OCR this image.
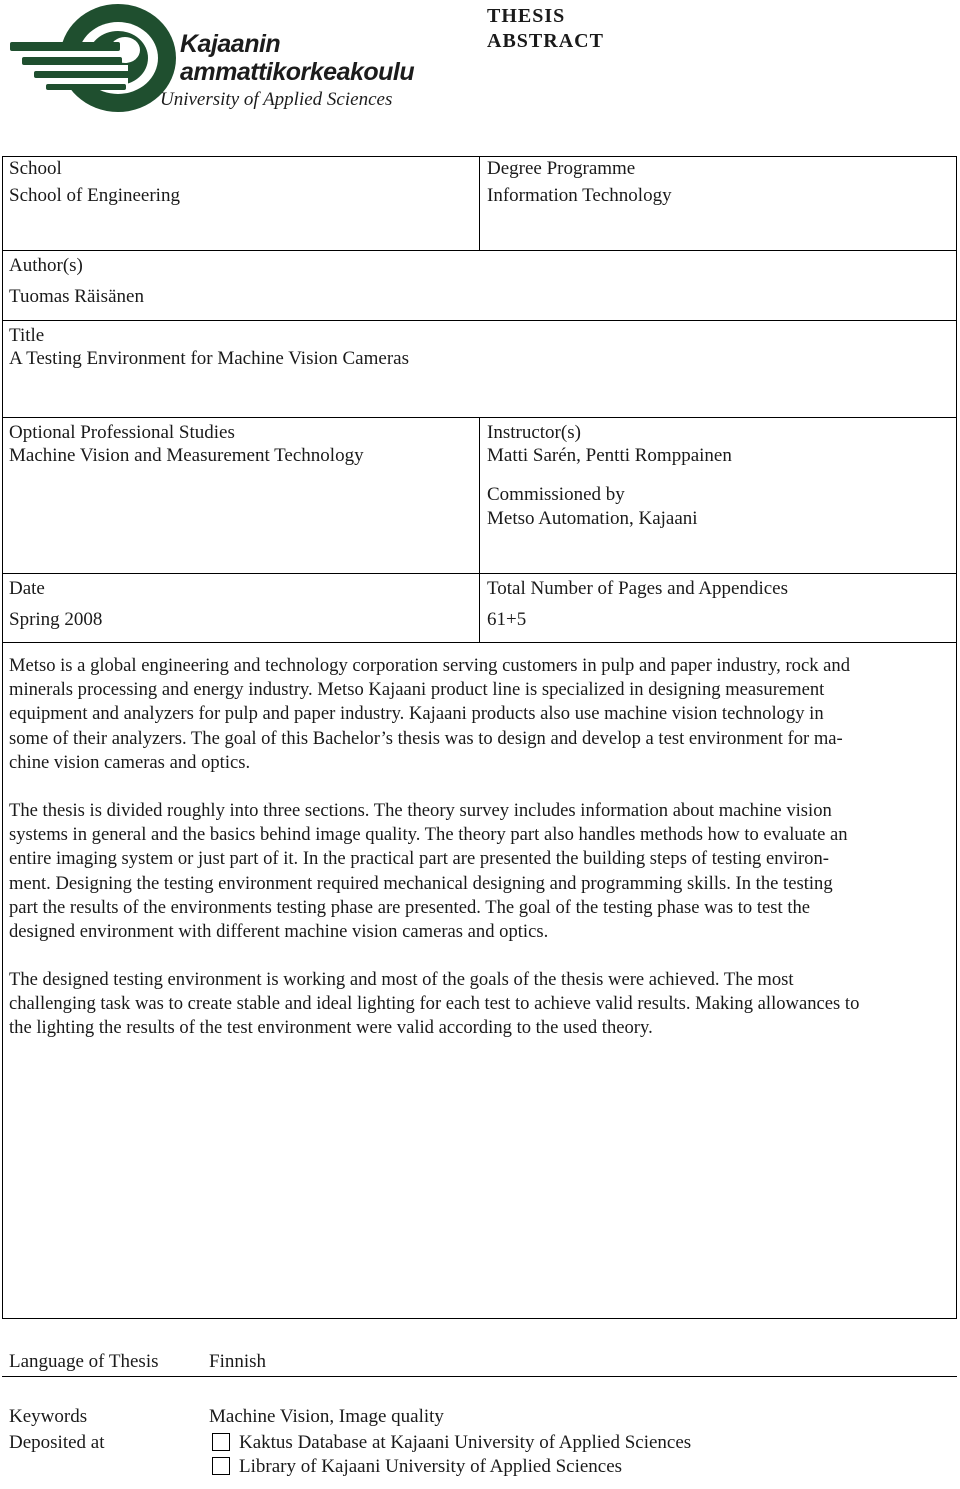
Kajaanin
ammattikorkeakoulu
University of Applied Sciences
THESIS
ABSTRACT
School
School of Engineering
Degree Programme
Information Technology
Author(s)
Tuomas Räisänen
Title
A Testing Environment for Machine Vision Cameras
Optional Professional Studies
Machine Vision and Measurement Technology
Instructor(s)
Matti Sarén, Pentti Romppainen
Commissioned by
Metso Automation, Kajaani
Date
Spring 2008
Total Number of Pages and Appendices
61+5
Metso is a global engineering and technology corporation serving customers in pulp and paper industry, rock and
minerals processing and energy industry. Metso Kajaani product line is specialized in designing measurement
equipment and analyzers for pulp and paper industry. Kajaani products also use machine vision technology in
some of their analyzers. The goal of this Bachelor’s thesis was to design and develop a test environment for ma-
chine vision cameras and optics.
The thesis is divided roughly into three sections. The theory survey includes information about machine vision
systems in general and the basics behind image quality. The theory part also handles methods how to evaluate an
entire imaging system or just part of it. In the practical part are presented the building steps of testing environ-
ment. Designing the testing environment required mechanical designing and programming skills. In the testing
part the results of the environments testing phase are presented. The goal of the testing phase was to test the
designed environment with different machine vision cameras and optics.
The designed testing environment is working and most of the goals of the thesis were achieved. The most
challenging task was to create stable and ideal lighting for each test to achieve valid results. Making allowances to
the lighting the results of the test environment were valid according to the used theory.
Language of Thesis	Finnish
Keywords	Machine Vision, Image quality
Deposited at	Kaktus Database at Kajaani University of Applied Sciences
Library of Kajaani University of Applied Sciences
